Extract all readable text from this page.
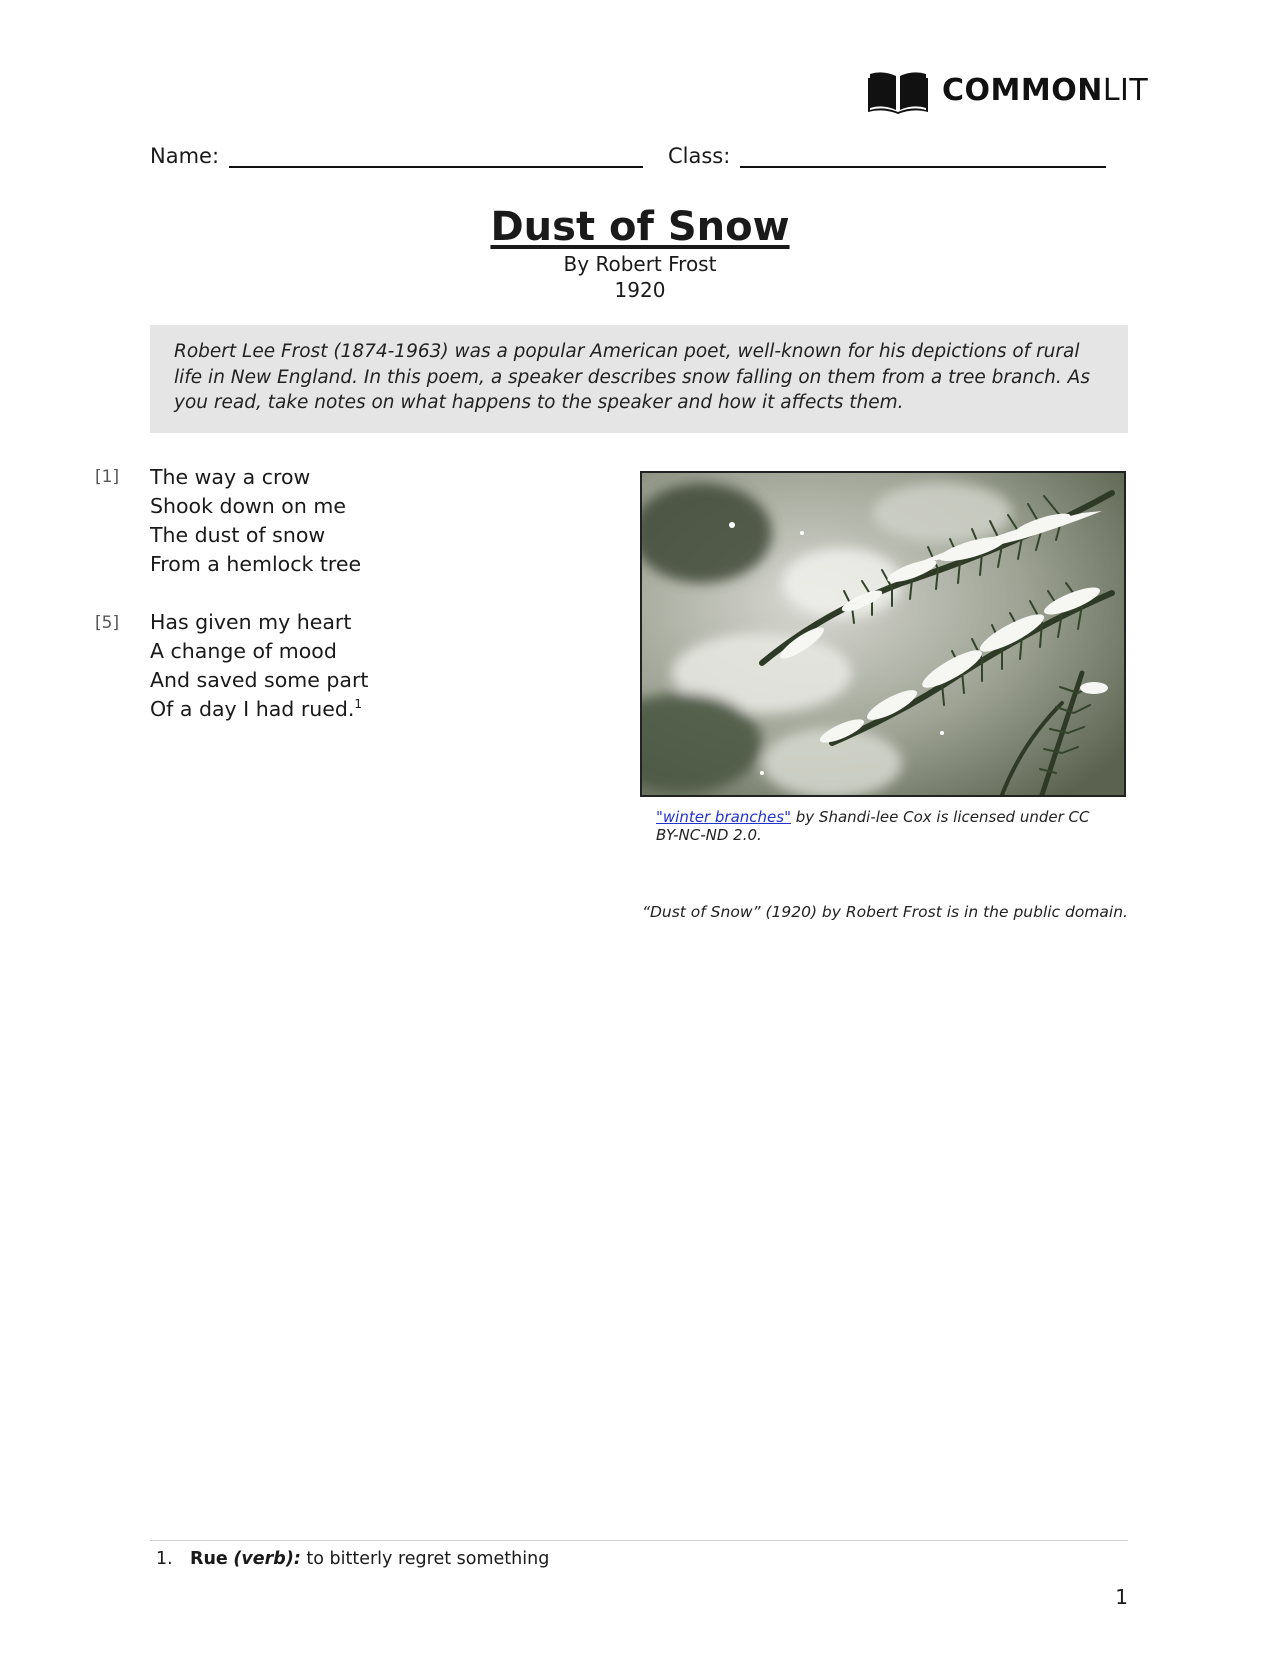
COMMONLIT
Name:	Class:
Dust of Snow
By Robert Frost
1920
Robert Lee Frost (1874-1963) was a popular American poet, well-known for his depictions of rural life in New England. In this poem, a speaker describes snow falling on them from a tree branch. As you read, take notes on what happens to the speaker and how it affects them.
[1] The way a crow
Shook down on me
The dust of snow
From a hemlock tree
[5] Has given my heart
A change of mood
And saved some part
Of a day I had rued.$^1$
"winter branches" by Shandi-lee Cox is licensed under CC BY-NC-ND 2.0.
“Dust of Snow” (1920) by Robert Frost is in the public domain.
1. Rue (verb): to bitterly regret something
1
